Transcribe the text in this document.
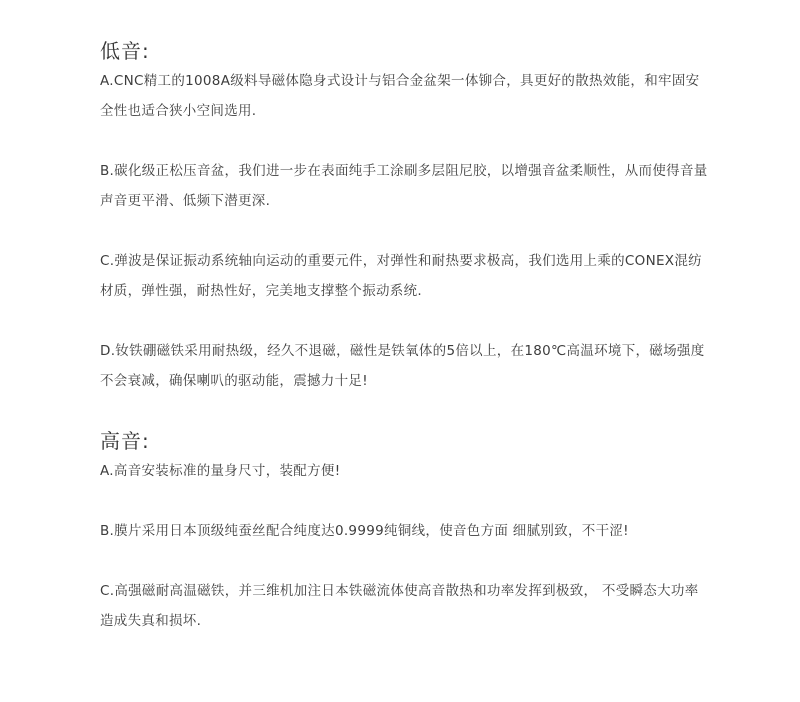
低音:

A.CNC精工的1008A级料导磁体隐身式设计与铝合金盆架一体铆合，具更好的散热效能，和牢固安全性也适合狭小空间选用.

B.碳化级正松压音盆，我们进一步在表面纯手工涂刷多层阻尼胶，以增强音盆柔顺性，从而使得音量声音更平滑、低频下潜更深.

C.弹波是保证振动系统轴向运动的重要元件，对弹性和耐热要求极高，我们选用上乘的CONEX混纺材质，弹性强，耐热性好，完美地支撑整个振动系统.

D.钕铁硼磁铁采用耐热级，经久不退磁，磁性是铁氧体的5倍以上，在180℃高温环境下，磁场强度不会衰减，确保喇叭的驱动能，震撼力十足!

高音:

A.高音安装标准的量身尺寸，装配方便!

B.膜片采用日本顶级纯蚕丝配合纯度达0.9999纯铜线，使音色方面 细腻别致，不干涩!

C.高强磁耐高温磁铁，并三维机加注日本铁磁流体使高音散热和功率发挥到极致， 不受瞬态大功率造成失真和损坏.
